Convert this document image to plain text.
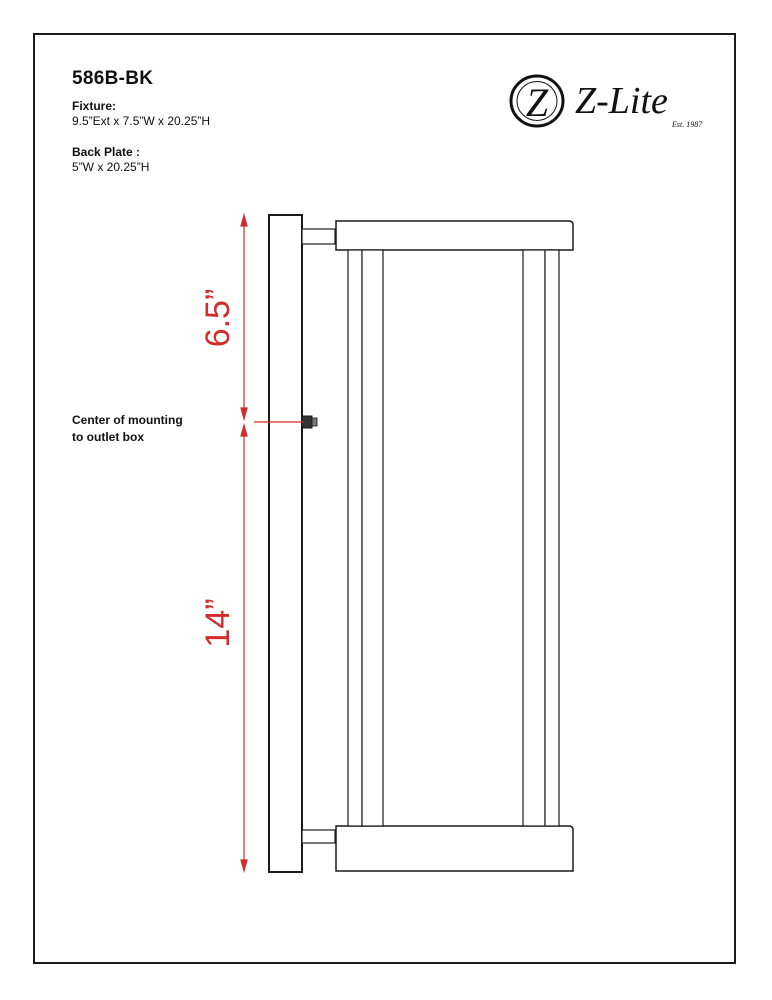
586B-BK
Fixture:
9.5”Ext x 7.5”W x 20.25”H
Back Plate :
5”W x 20.25”H
Center of mounting
to outlet box
Z Z-Lite
Est. 1987
6.5”
14”
